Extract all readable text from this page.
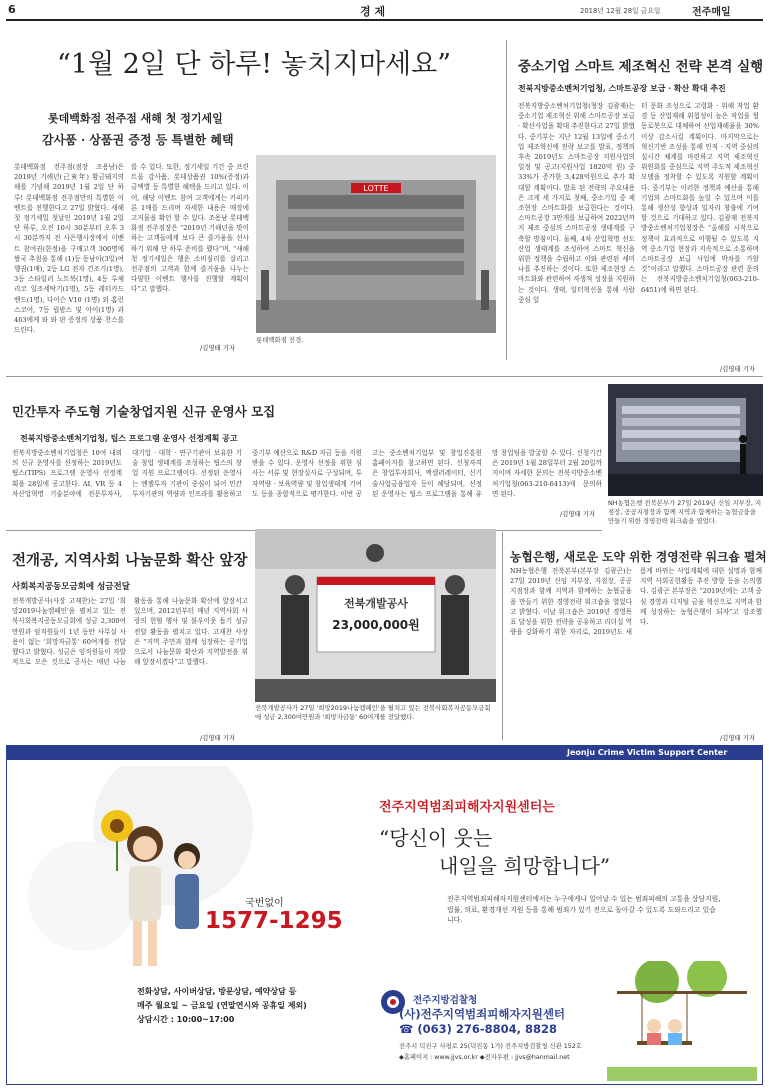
6	경 제	2018년 12월 28일 금요일	전주매일
“1월 2일 단 하루! 놓치지마세요”
롯데백화점 전주점 새해 첫 정기세일
감사품 · 상품권 증정 등 특별한 혜택
롯데백화점 전주점(점장 조용남)은 2019년 기해년(己亥年) 황금돼지의 해를 기념해 2019년 1월 2일 단 하루! 롯데백화점 전주점만의 특별한 이벤트를 진행한다고 27일 밝혔다. 새해 첫 정기세일 첫날인 2019년 1월 2일 단 하루, 오전 10시 30분부터 오후 3시 30분까지 전 사은행사장에서 이벤트 참여권(한정)을 구매고객 300명에 쌀국 추첨을 통해 (1)등 동남아(3일)여행권(1매), 2등 LG 전자 건조기(1명), 3등 스타일러 노트북(1명), 4등 루체리코 일조세탁기(1명), 5등 레터카드 밴드(1명), 다이슨 V10 (1명) 외 홈런스코어, 7등 립밤스 및 아이(1명) 과 463에게 와 와 판 증정의 상품 찬스를 드린다.
를 수 있다. 또한, 정기세일 기간 중 프린트물 감사품, 롯데상품권 10%(증정)과 금액별 등 특별한 혜택을 드리고 있다. 이어, 해당 이벤트 참여 고객에게는 카피카론 1매를 드리며 자세한 내용은 매장에 고지물을 확인 할 수 있다. 조용남 롯데백화점 전주점장은 “2019년 기해년을 맞이하는 고객들에게 보다 큰 즐거움을 선사하기 위해 단 하루 준비를 했다”며, “새해 첫 정기세일은 행운 소비심리를 살리고 전주점의 고객과 함께 즐거움을 나누는 다양한 이벤트 행사를 진행할 계획이다”고 말했다.
/김영태 기자
LOTTE
롯데백화점 전경.
중소기업 스마트 제조혁신 전략 본격 실행
전북지방중소벤처기업청, 스마트공장 보급 · 확산 확대 추진
전북지방중소벤처기업청(청장 김광재)는 중소기업 제조혁신 위해 스마트공장 보급 · 확산사업을 확대 추진한다고 27일 밝혔다. 중기부는 지난 12월 13일에 중소기업 제조혁신에 전략 보고를 발표, 정책의 후속 2019년도 스마트공장 지원사업의 일정 및 공고(지원사업 1820억 원) 중 33%가 증가한 3,428억원으로 추가 확대할 계획이다. 발표 된 전략의 주요내용은 크게 세 가지로 첫째, 중소기업 중 제조현장 스마트화를 보급한다는 것이다. 스마트공장 3만개를 보급하여 2022년까지 제조 중심의 스마트공장 생태계를 구축할 방침이다. 둘째, 4차 산업혁명 선도 산업 생태계를 조성하여 스마트 혁신을 위한 정책을 수립하고 이와 관련된 세미나를 추진하는 것이다. 또한 제조현장 스마트화와 관련하여 자생적 성장을 지원하는 것이다. 생태, 일터혁신을 통해 사람 중심 일
터 문화 조성으로 고령화 · 위해 작업 환경 등 산업재해 위험성이 높은 작업을 협동로봇으로 대체하여 산업재해율을 30% 이상 감소시킬 계획이다. 마지막으로는 혁신기반 조성을 통해 인적 · 지역 중심의 실시간 체계를 마련하고 지역 제조혁신 위원회를 중심으로 지역 주도적 제조혁신 모델을 정착할 수 있도록 지원할 계획이다. 중기부는 이러한 정책과 예산을 통해 기업의 스마트화를 높일 수 있으며 이를 통해 생산성 향상과 일자리 창출에 기여할 것으로 기대하고 있다. 김광재 전북지방중소벤처기업청장은 “올해를 시작으로 정책이 효과적으로 이행될 수 있도록 지역 중소기업 현장과 지속적으로 소통하며 스마트공장 보급 사업에 박차를 가할 것”이라고 말했다. 스마트공장 관련 문의는 전북지방중소벤처기업청(063-210-6451)에 하면 된다.
/김영태 기자
민간투자 주도형 기술창업지원 신규 운영사 모집
전북지방중소벤처기업청, 팁스 프로그램 운영사 선정계획 공고
전북지방중소벤처기업청은 10여 내외의 신규 운영사를 선정하는 2019년도 팁스(TIPS) 프로그램 운영사 선정계획을 28일에 공고한다. AI, VR 등 4차산업혁명 기술분야에 전문투자사, 대기업 · 대학 · 연구기관이 보유한 기술 창업 생태계를 조성하는 팁스의 창업 지원 프로그램이다. 선정된 운영사는 엔젤투자 기관이 중심이 되어 민간 투자기관의 역량과 인프라를 활용하고 중기부 예산으로 R&D 자금 등을 지원받을 수 있다. 운영사 선정을 위한 심사는 서류 및 현장실사로 구성되며, 투자역량 · 보육역량 및 창업생태계 기여도 등을 종합적으로 평가한다. 이번 공고는 중소벤처기업부 및 창업진흥원 홈페이지를 참고하면 된다. 신청자격은 창업투자회사, 엑셀러레이터, 신기술사업금융업자 등이 해당되며, 선정된 운영사는 팁스 프로그램을 통해 유망 창업팀을 발굴할 수 있다. 신청기간은 2019년 1월 28일부터 2월 20일까지이며 자세한 문의는 전북지방중소벤처기업청(063-210-6413)에 문의하면 된다.
/김영태 기자
NH농협은행 전북본부가 27일 2019년 신임 지부장, 지점장, 공공지점장과 함께 지역과 함께하는 농협금융을 만들기 위한 경영전략 워크숍을 열었다.
전개공, 지역사회 나눔문화 확산 앞장
사회복지공동모금회에 성금전달
전북개발공사(사장 고재찬)는 27일 '희망2019나눔캠페인'을 펼치고 있는 전북사회복지공동모금회에 성금 2,300여만원과 임직원들이 1년 동안 사무실 사용이 없는 '희망자금통' 60여개를 전달했다고 밝혔다. 성금은 임직원들이 자발적으로 모은 것으로 공사는 매년 나눔 활동을 통해 나눔문화 확산에 앞장서고 있으며, 2012년부터 매년 지역사회 사랑의 헌혈 행사 및 불우이웃 돕기 성금 전달 활동을 펼치고 있다. 고재찬 사장은 “지역 주민과 함께 성장하는 공기업으로서 나눔문화 확산과 지역발전을 위해 앞장서겠다”고 말했다.
/김영태 기자
전북개발공사
23,000,000원
전북개발공사가 27일 '희망2019나눔캠페인'을 펼치고 있는 전북사회복지공동모금회에 성금 2,300여만원과 '희망자금통' 60여개를 전달했다.
농협은행, 새로운 도약 위한 경영전략 워크숍 펼쳐
NH농협은행 전북본부(본부장 김광곤)는 27일 2019년 신임 지부장, 지점장, 공공지점장과 함께 지역과 함께하는 농협금융을 만들기 위한 경영전략 워크숍을 열었다고 밝혔다. 이날 워크숍은 2019년 경영목표 달성을 위한 전략을 공유하고 리더십 역량을 강화하기 위한 자리로, 2019년도 새롭게 바뀌는 사업계획에 대한 설명과 함께 지역 사회공헌활동 추진 방향 등을 논의했다. 김광곤 본부장은 “2019년에는 고객 중심 경영과 디지털 금융 혁신으로 지역과 함께 성장하는 농협은행이 되자”고 강조했다.
/김영태 기자
Jeonju Crime Victim Support Center
전주지역범죄피해자지원센터는
“당신이 웃는
내일을 희망합니다”
전주지역범죄피해자지원센터에서는 누구에게나 일어날 수 있는 범죄피해의 고통을 상담지원, 법률, 의료, 환경개선 지원 등을 통해 범죄가 있기 전으로 돌아갈 수 있도록 도와드리고 있습니다.
국번없이
1577-1295
전화상담, 사이버상담, 방문상담, 예약상담 등
매주 월요일 ~ 금요일 (연말연시와 공휴일 제외)
상담시간 : 10:00~17:00
전주지방검찰청
(사)전주지역범죄피해자지원센터
☎ (063) 276-8804, 8828
전주시 덕진구 사평로 25(덕진동 1가) 전주지방검찰청 신관 152호
◆홈페이지 : www.jjvs.or.kr ◆전자우편 : jjvs@hanmail.net
